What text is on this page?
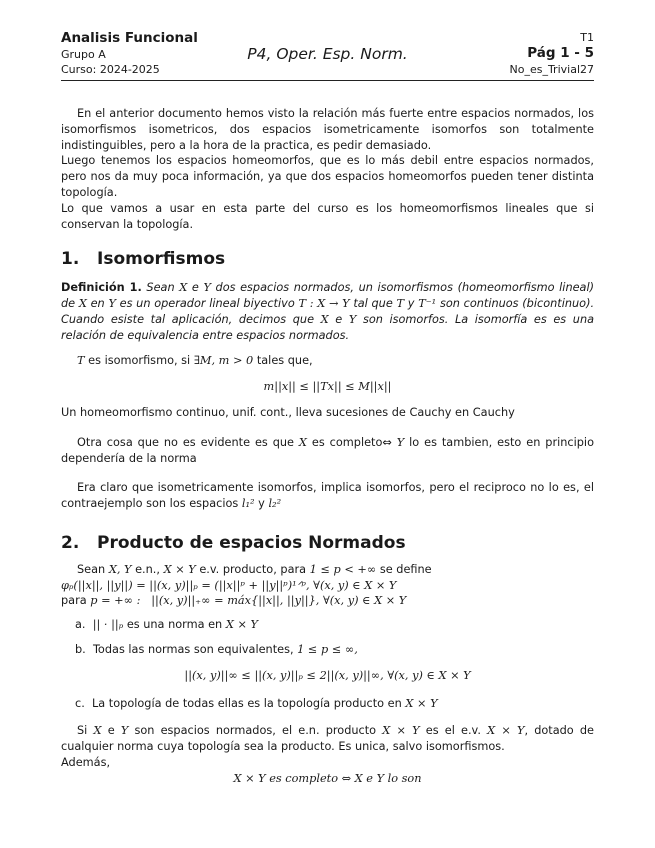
Analisis Funcional
Grupo A
Curso: 2024-2025
P4, Oper. Esp. Norm.
T1
Pág 1 - 5
No_es_Trivial27

En el anterior documento hemos visto la relación más fuerte entre espacios normados, los isomorfismos isometricos, dos espacios isometricamente isomorfos son totalmente indistinguibles, pero a la hora de la practica, es pedir demasiado.

Luego tenemos los espacios homeomorfos, que es lo más debil entre espacios normados, pero nos da muy poca información, ya que dos espacios homeomorfos pueden tener distinta topología.

Lo que vamos a usar en esta parte del curso es los homeomorfismos lineales que si conservan la topología.

1. Isomorfismos

Definición 1. Sean X e Y dos espacios normados, un isomorfismos (homeomorfismo lineal) de X en Y es un operador lineal biyectivo T : X → Y tal que T y T⁻¹ son continuos (bicontinuo). Cuando esiste tal aplicación, decimos que X e Y son isomorfos. La isomorfía es es una relación de equivalencia entre espacios normados.

T es isomorfismo, si ∃M, m > 0 tales que,

m||x|| ≤ ||Tx|| ≤ M||x||

Un homeomorfismo continuo, unif. cont., lleva sucesiones de Cauchy en Cauchy

Otra cosa que no es evidente es que X es completo⇔ Y lo es tambien, esto en principio dependería de la norma

Era claro que isometricamente isomorfos, implica isomorfos, pero el reciproco no lo es, el contraejemplo son los espacios l₁² y l₂²

2. Producto de espacios Normados

Sean X, Y e.n., X × Y e.v. producto, para 1 ≤ p < +∞ se define

φₚ(||x||, ||y||) = ||(x, y)||ₚ = (||x||ᵖ + ||y||ᵖ)¹ᐟᵖ, ∀(x, y) ∈ X × Y

para p = +∞ : ||(x, y)||₊∞ = máx{||x||, ||y||}, ∀(x, y) ∈ X × Y

a. || · ||ₚ es una norma en X × Y

b. Todas las normas son equivalentes, 1 ≤ p ≤ ∞,

||(x, y)||∞ ≤ ||(x, y)||ₚ ≤ 2||(x, y)||∞, ∀(x, y) ∈ X × Y

c. La topología de todas ellas es la topología producto en X × Y

Si X e Y son espacios normados, el e.n. producto X × Y es el e.v. X × Y, dotado de cualquier norma cuya topología sea la producto. Es unica, salvo isomorfismos.

Además,

X × Y es completo ⇔ X e Y lo son
